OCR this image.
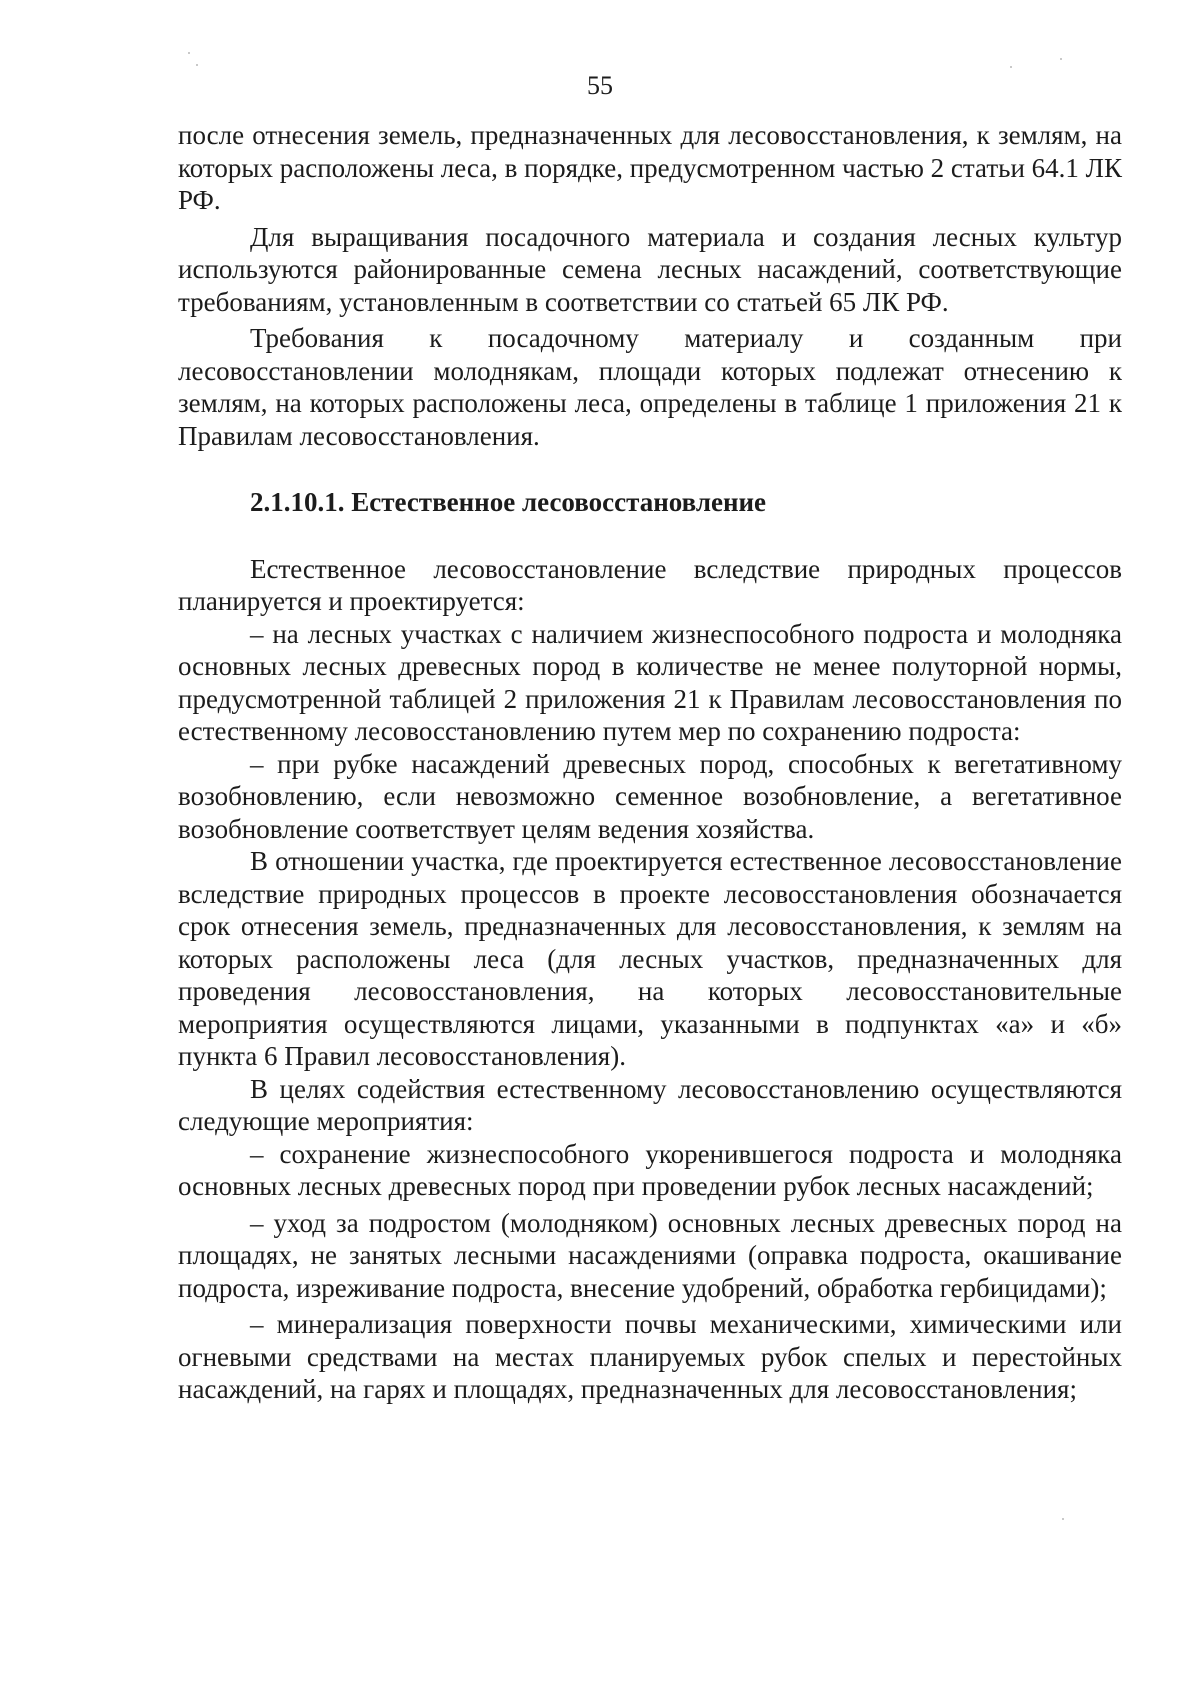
55

после отнесения земель, предназначенных для лесовосстановления, к землям, на которых расположены леса, в порядке, предусмотренном частью 2 статьи 64.1 ЛК РФ.

Для выращивания посадочного материала и создания лесных культур используются районированные семена лесных насаждений, соответствующие требованиям, установленным в соответствии со статьей 65 ЛК РФ.

Требования к посадочному материалу и созданным при лесовосстановлении молоднякам, площади которых подлежат отнесению к землям, на которых расположены леса, определены в таблице 1 приложения 21 к Правилам лесовосстановления.

2.1.10.1. Естественное лесовосстановление

Естественное лесовосстановление вследствие природных процессов планируется и проектируется:

– на лесных участках с наличием жизнеспособного подроста и молодняка основных лесных древесных пород в количестве не менее полуторной нормы, предусмотренной таблицей 2 приложения 21 к Правилам лесовосстановления по естественному лесовосстановлению путем мер по сохранению подроста:

– при рубке насаждений древесных пород, способных к вегетативному возобновлению, если невозможно семенное возобновление, а вегетативное возобновление соответствует целям ведения хозяйства.

В отношении участка, где проектируется естественное лесовосстановление вследствие природных процессов в проекте лесовосстановления обозначается срок отнесения земель, предназначенных для лесовосстановления, к землям на которых расположены леса (для лесных участков, предназначенных для проведения лесовосстановления, на которых лесовосстановительные мероприятия осуществляются лицами, указанными в подпунктах «а» и «б» пункта 6 Правил лесовосстановления).

В целях содействия естественному лесовосстановлению осуществляются следующие мероприятия:

– сохранение жизнеспособного укоренившегося подроста и молодняка основных лесных древесных пород при проведении рубок лесных насаждений;

– уход за подростом (молодняком) основных лесных древесных пород на площадях, не занятых лесными насаждениями (оправка подроста, окашивание подроста, изреживание подроста, внесение удобрений, обработка гербицидами);

– минерализация поверхности почвы механическими, химическими или огневыми средствами на местах планируемых рубок спелых и перестойных насаждений, на гарях и площадях, предназначенных для лесовосстановления;
